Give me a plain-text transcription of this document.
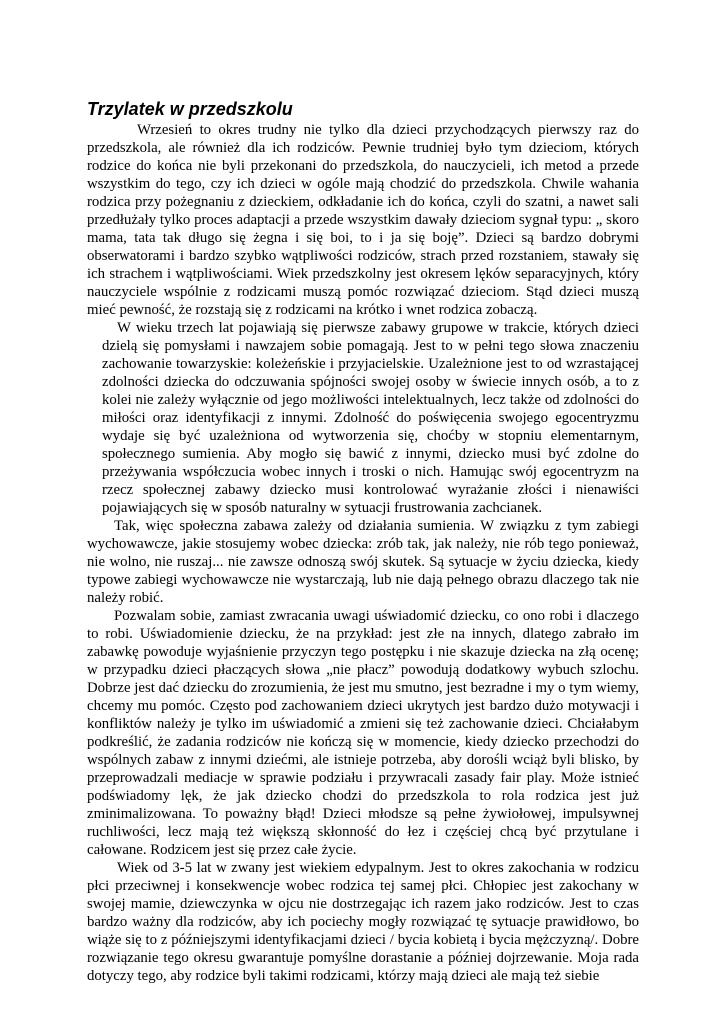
Trzylatek w przedszkolu

Wrzesień to okres trudny nie tylko dla dzieci przychodzących pierwszy raz do przedszkola, ale również dla ich rodziców. Pewnie trudniej było tym dzieciom, których rodzice do końca nie byli przekonani do przedszkola, do nauczycieli, ich metod a przede wszystkim do tego, czy ich dzieci w ogóle mają chodzić do przedszkola. Chwile wahania rodzica przy pożegnaniu z dzieckiem, odkładanie ich do końca, czyli do szatni, a nawet sali przedłużały tylko proces adaptacji a przede wszystkim dawały dzieciom sygnał typu: „ skoro mama, tata tak długo się żegna i się boi, to i ja się boję”. Dzieci są bardzo dobrymi obserwatorami i bardzo szybko wątpliwości rodziców, strach przed rozstaniem, stawały się ich strachem i wątpliwościami. Wiek przedszkolny jest okresem lęków separacyjnych, który nauczyciele wspólnie z rodzicami muszą pomóc rozwiązać dzieciom. Stąd dzieci muszą mieć pewność, że rozstają się z rodzicami na krótko i wnet rodzica zobaczą.

W wieku trzech lat pojawiają się pierwsze zabawy grupowe w trakcie, których dzieci dzielą się pomysłami i nawzajem sobie pomagają. Jest to w pełni tego słowa znaczeniu zachowanie towarzyskie: koleżeńskie i przyjacielskie. Uzależnione jest to od wzrastającej zdolności dziecka do odczuwania spójności swojej osoby w świecie innych osób, a to z kolei nie zależy wyłącznie od jego możliwości intelektualnych, lecz także od zdolności do miłości oraz identyfikacji z innymi. Zdolność do poświęcenia swojego egocentryzmu wydaje się być uzależniona od wytworzenia się, choćby w stopniu elementarnym, społecznego sumienia. Aby mogło się bawić z innymi, dziecko musi być zdolne do przeżywania współczucia wobec innych i troski o nich. Hamując swój egocentryzm na rzecz społecznej zabawy dziecko musi kontrolować wyrażanie złości i nienawiści pojawiających się w sposób naturalny w sytuacji frustrowania zachcianek.

Tak, więc społeczna zabawa zależy od działania sumienia. W związku z tym zabiegi wychowawcze, jakie stosujemy wobec dziecka: zrób tak, jak należy, nie rób tego ponieważ, nie wolno, nie ruszaj... nie zawsze odnoszą swój skutek. Są sytuacje w życiu dziecka, kiedy typowe zabiegi wychowawcze nie wystarczają, lub nie dają pełnego obrazu dlaczego tak nie należy robić.

Pozwalam sobie, zamiast zwracania uwagi uświadomić dziecku, co ono robi i dlaczego to robi. Uświadomienie dziecku, że na przykład: jest złe na innych, dlatego zabrało im zabawkę powoduje wyjaśnienie przyczyn tego postępku i nie skazuje dziecka na złą ocenę; w przypadku dzieci płaczących słowa „nie płacz” powodują dodatkowy wybuch szlochu. Dobrze jest dać dziecku do zrozumienia, że jest mu smutno, jest bezradne i my o tym wiemy, chcemy mu pomóc. Często pod zachowaniem dzieci ukrytych jest bardzo dużo motywacji i konfliktów należy je tylko im uświadomić a zmieni się też zachowanie dzieci. Chciałabym podkreślić, że zadania rodziców nie kończą się w momencie, kiedy dziecko przechodzi do wspólnych zabaw z innymi dziećmi, ale istnieje potrzeba, aby dorośli wciąż byli blisko, by przeprowadzali mediacje w sprawie podziału i przywracali zasady fair play. Może istnieć podświadomy lęk, że jak dziecko chodzi do przedszkola to rola rodzica jest już zminimalizowana. To poważny błąd! Dzieci młodsze są pełne żywiołowej, impulsywnej ruchliwości, lecz mają też większą skłonność do łez i częściej chcą być przytulane i całowane. Rodzicem jest się przez całe życie.

Wiek od 3-5 lat w zwany jest wiekiem edypalnym. Jest to okres zakochania w rodzicu płci przeciwnej i konsekwencje wobec rodzica tej samej płci. Chłopiec jest zakochany w swojej mamie, dziewczynka w ojcu nie dostrzegając ich razem jako rodziców. Jest to czas bardzo ważny dla rodziców, aby ich pociechy mogły rozwiązać tę sytuacje prawidłowo, bo wiąże się to z późniejszymi identyfikacjami dzieci / bycia kobietą i bycia mężczyzną/. Dobre rozwiązanie tego okresu gwarantuje pomyślne dorastanie a później dojrzewanie. Moja rada dotyczy tego, aby rodzice byli takimi rodzicami, którzy mają dzieci ale mają też siebie
